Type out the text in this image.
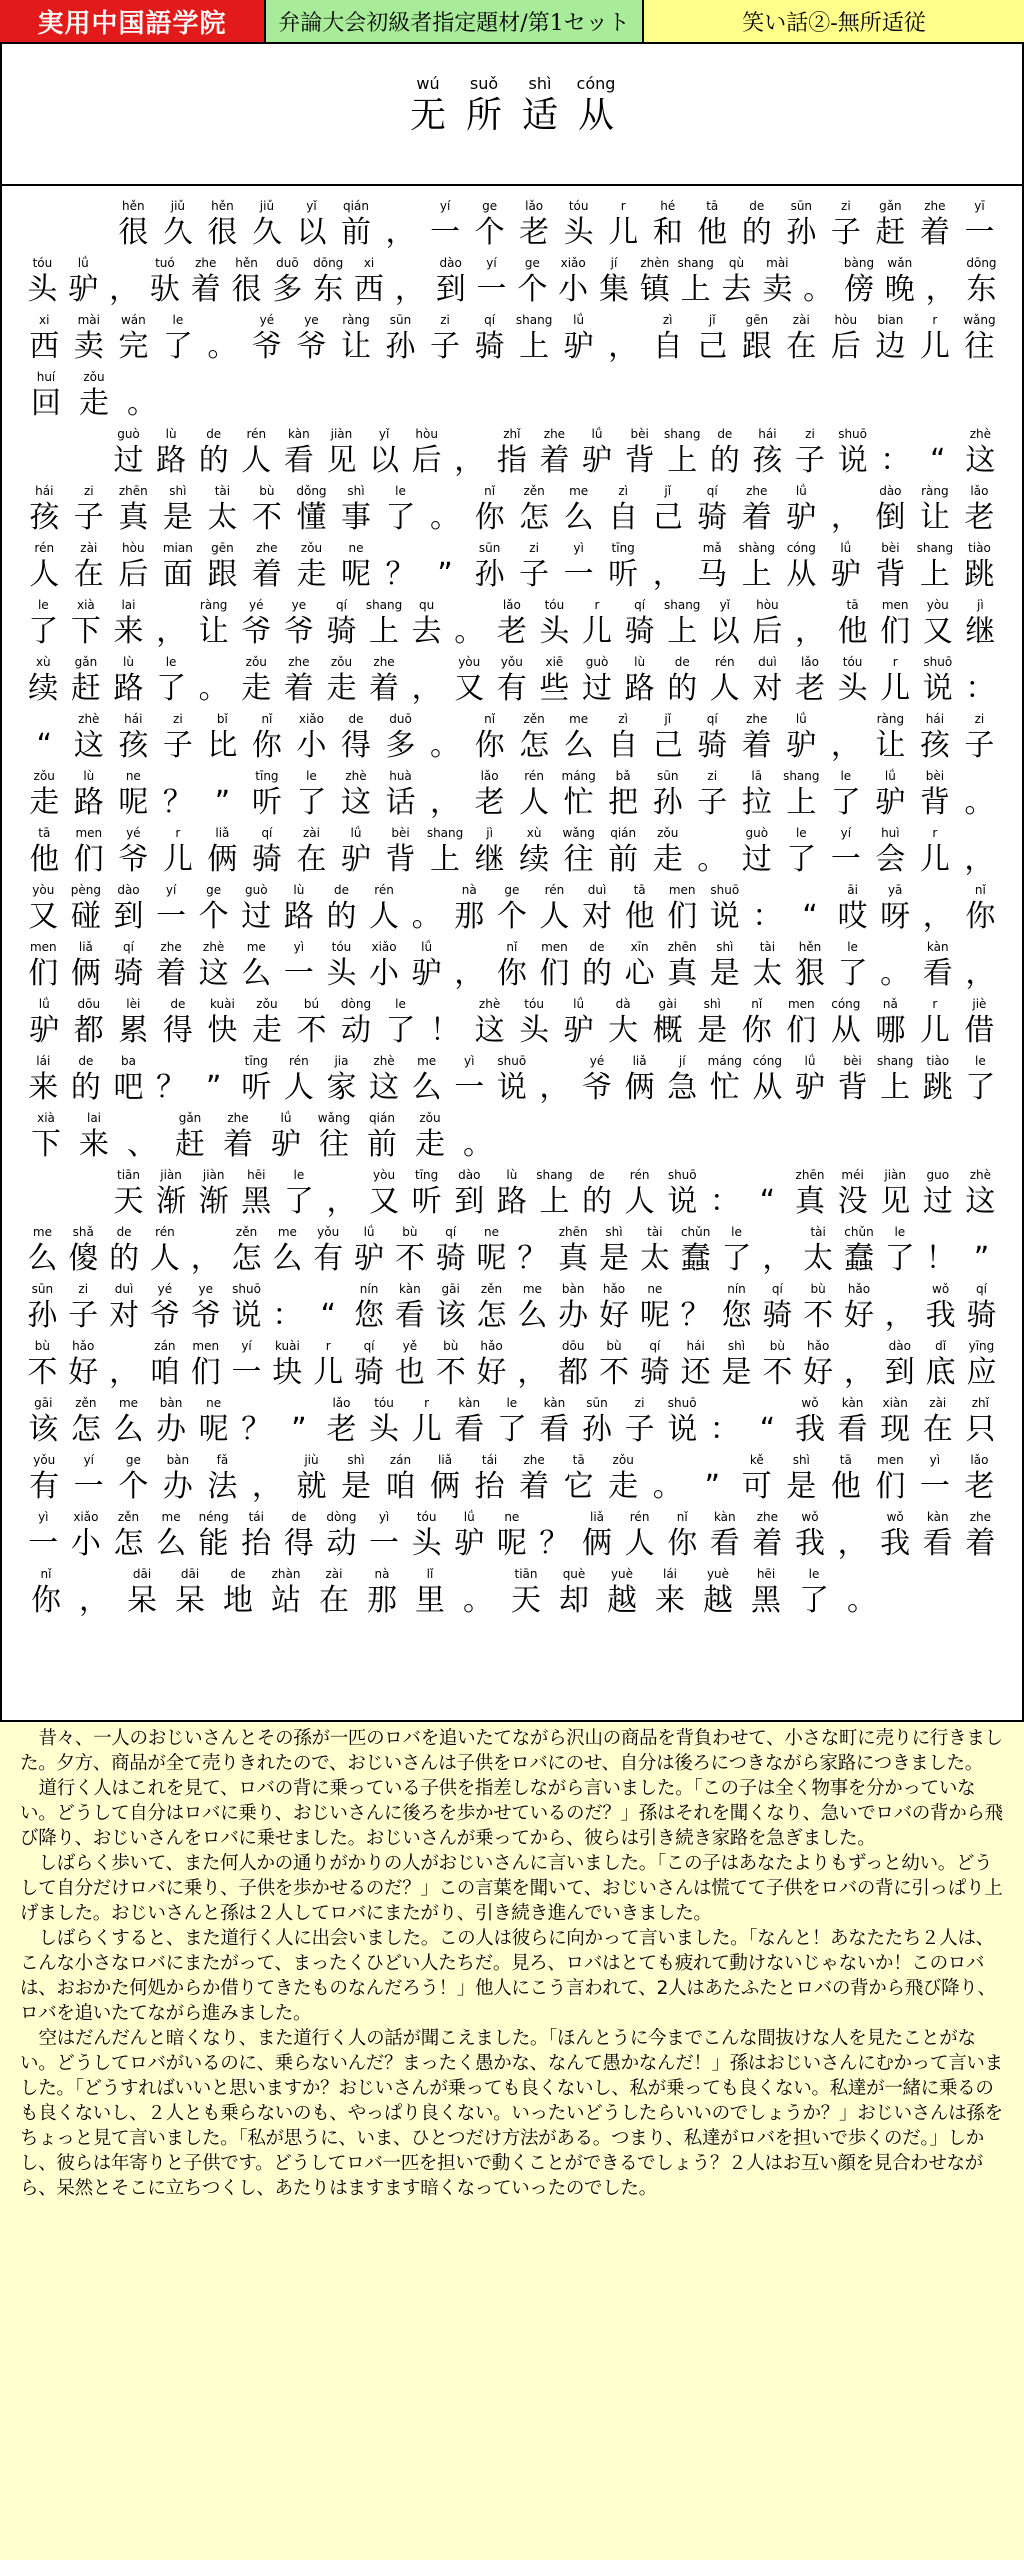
実用中国語学院	弁論大会初級者指定題材/第1セット	笑い話②-無所适従
wú
无
suǒ
所
shì
适
cóng
从
hěn
很
jiǔ
久
hěn
很
jiǔ
久
yǐ
以
qián
前 ，
yí
一
ge
个
lǎo
老
tóu
头
r
儿
hé
和
tā
他
de
的
sūn
孙
zi
子
gǎn
赶
zhe
着
yī
一
tóu
头
lǘ
驴 ，
tuó
驮
zhe
着
hěn
很
duō
多
dōng
东
xi
西 ，
dào
到
yí
一
ge
个
xiǎo
小
jí
集
zhèn
镇
shang
上
qù
去
mài
卖 。
bàng
傍
wǎn
晚 ，
dōng
东
xi
西
mài
卖
wán
完
le
了 。
yé
爷
ye
爷
ràng
让
sūn
孙
zi
子
qí
骑
shang
上
lǘ
驴 ，
zì
自
jǐ
己
gēn
跟
zài
在
hòu
后
bian
边
r
儿
wǎng
往
huí
回
zǒu
走 。
guò
过
lù
路
de
的
rén
人
kàn
看
jiàn
见
yǐ
以
hòu
后 ，
zhǐ
指
zhe
着
lǘ
驴
bèi
背
shang
上
de
的
hái
孩
zi
子
shuō
说 ： “
zhè
这
hái
孩
zi
子
zhēn
真
shì
是
tài
太
bù
不
dǒng
懂
shì
事
le
了 。
nǐ
你
zěn
怎
me
么
zì
自
jǐ
己
qí
骑
zhe
着
lǘ
驴 ，
dào
倒
ràng
让
lǎo
老
rén
人
zài
在
hòu
后
mian
面
gēn
跟
zhe
着
zǒu
走
ne
呢 ？ ”
sūn
孙
zi
子
yì
一
tīng
听 ，
mǎ
马
shàng
上
cóng
从
lǘ
驴
bèi
背
shang
上
tiào
跳
le
了
xià
下
lai
来 ，
ràng
让
yé
爷
ye
爷
qí
骑
shang
上
qu
去 。
lǎo
老
tóu
头
r
儿
qí
骑
shang
上
yǐ
以
hòu
后 ，
tā
他
men
们
yòu
又
jì
继
xù
续
gǎn
赶
lù
路
le
了 。
zǒu
走
zhe
着
zǒu
走
zhe
着 ，
yòu
又
yǒu
有
xiē
些
guò
过
lù
路
de
的
rén
人
duì
对
lǎo
老
tóu
头
r
儿
shuō
说 ：
“
zhè
这
hái
孩
zi
子
bǐ
比
nǐ
你
xiǎo
小
de
得
duō
多 。
nǐ
你
zěn
怎
me
么
zì
自
jǐ
己
qí
骑
zhe
着
lǘ
驴 ，
ràng
让
hái
孩
zi
子
zǒu
走
lù
路
ne
呢 ？ ”
tīng
听
le
了
zhè
这
huà
话 ，
lǎo
老
rén
人
máng
忙
bǎ
把
sūn
孙
zi
子
lā
拉
shang
上
le
了
lǘ
驴
bèi
背 。
tā
他
men
们
yé
爷
r
儿
liǎ
俩
qí
骑
zài
在
lǘ
驴
bèi
背
shang
上
jì
继
xù
续
wǎng
往
qián
前
zǒu
走 。
guò
过
le
了
yí
一
huì
会
r
儿 ，
yòu
又
pèng
碰
dào
到
yí
一
ge
个
guò
过
lù
路
de
的
rén
人 。
nà
那
ge
个
rén
人
duì
对
tā
他
men
们
shuō
说 ： “
āi
哎
yā
呀 ，
nǐ
你
men
们
liǎ
俩
qí
骑
zhe
着
zhè
这
me
么
yì
一
tóu
头
xiǎo
小
lǘ
驴 ，
nǐ
你
men
们
de
的
xīn
心
zhēn
真
shì
是
tài
太
hěn
狠
le
了 。
kàn
看 ，
lǘ
驴
dōu
都
lèi
累
de
得
kuài
快
zǒu
走
bú
不
dòng
动
le
了 ！
zhè
这
tóu
头
lǘ
驴
dà
大
gài
概
shì
是
nǐ
你
men
们
cóng
从
nǎ
哪
r
儿
jiè
借
lái
来
de
的
ba
吧 ？ ”
tīng
听
rén
人
jia
家
zhè
这
me
么
yì
一
shuō
说 ，
yé
爷
liǎ
俩
jí
急
máng
忙
cóng
从
lǘ
驴
bèi
背
shang
上
tiào
跳
le
了
xià
下
lai
来 、
gǎn
赶
zhe
着
lǘ
驴
wǎng
往
qián
前
zǒu
走 。
tiān
天
jiàn
渐
jiàn
渐
hēi
黑
le
了 ，
yòu
又
tīng
听
dào
到
lù
路
shang
上
de
的
rén
人
shuō
说 ： “
zhēn
真
méi
没
jiàn
见
guo
过
zhè
这
me
么
shǎ
傻
de
的
rén
人 ，
zěn
怎
me
么
yǒu
有
lǘ
驴
bù
不
qí
骑
ne
呢 ？
zhēn
真
shì
是
tài
太
chǔn
蠢
le
了 ，
tài
太
chǔn
蠢
le
了 ！ ”
sūn
孙
zi
子
duì
对
yé
爷
ye
爷
shuō
说 ： “
nín
您
kàn
看
gāi
该
zěn
怎
me
么
bàn
办
hǎo
好
ne
呢 ？
nín
您
qí
骑
bù
不
hǎo
好 ，
wǒ
我
qí
骑
bù
不
hǎo
好 ，
zán
咱
men
们
yí
一
kuài
块
r
儿
qí
骑
yě
也
bù
不
hǎo
好 ，
dōu
都
bù
不
qí
骑
hái
还
shì
是
bù
不
hǎo
好 ，
dào
到
dǐ
底
yīng
应
gāi
该
zěn
怎
me
么
bàn
办
ne
呢 ？ ”
lǎo
老
tóu
头
r
儿
kàn
看
le
了
kàn
看
sūn
孙
zi
子
shuō
说 ： “
wǒ
我
kàn
看
xiàn
现
zài
在
zhǐ
只
yǒu
有
yí
一
ge
个
bàn
办
fǎ
法 ，
jiù
就
shì
是
zán
咱
liǎ
俩
tái
抬
zhe
着
tā
它
zǒu
走 。 ”
kě
可
shì
是
tā
他
men
们
yì
一
lǎo
老
yì
一
xiǎo
小
zěn
怎
me
么
néng
能
tái
抬
de
得
dòng
动
yì
一
tóu
头
lǘ
驴
ne
呢 ？
liǎ
俩
rén
人
nǐ
你
kàn
看
zhe
着
wǒ
我 ，
wǒ
我
kàn
看
zhe
着
nǐ
你 ，
dāi
呆
dāi
呆
de
地
zhàn
站
zài
在
nà
那
lǐ
里 。
tiān
天
què
却
yuè
越
lái
来
yuè
越
hēi
黑
le
了 。

昔々、一人のおじいさんとその孫が一匹のロバを追いたてながら沢山の商品を背負わせて、小さな町に売りに行きました。夕方、商品が全て売りきれたので、おじいさんは子供をロバにのせ、自分は後ろにつきながら家路につきました。

道行く人はこれを見て、ロバの背に乗っている子供を指差しながら言いました。「この子は全く物事を分かっていない。どうして自分はロバに乗り、おじいさんに後ろを歩かせているのだ？」孫はそれを聞くなり、急いでロバの背から飛び降り、おじいさんをロバに乗せました。おじいさんが乗ってから、彼らは引き続き家路を急ぎました。

しばらく歩いて、また何人かの通りがかりの人がおじいさんに言いました。「この子はあなたよりもずっと幼い。どうして自分だけロバに乗り、子供を歩かせるのだ？」この言葉を聞いて、おじいさんは慌てて子供をロバの背に引っぱり上げました。おじいさんと孫は２人してロバにまたがり、引き続き進んでいきました。

しばらくすると、また道行く人に出会いました。この人は彼らに向かって言いました。「なんと！あなたたち２人は、こんな小さなロバにまたがって、まったくひどい人たちだ。見ろ、ロバはとても疲れて動けないじゃないか！このロバは、おおかた何処からか借りてきたものなんだろう！」他人にこう言われて、2人はあたふたとロバの背から飛び降り、ロバを追いたてながら進みました。

空はだんだんと暗くなり、また道行く人の話が聞こえました。「ほんとうに今までこんな間抜けな人を見たことがない。どうしてロバがいるのに、乗らないんだ？まったく愚かな、なんて愚かなんだ！」孫はおじいさんにむかって言いました。「どうすればいいと思いますか？おじいさんが乗っても良くないし、私が乗っても良くない。私達が一緒に乗るのも良くないし、２人とも乗らないのも、やっぱり良くない。いったいどうしたらいいのでしょうか？」おじいさんは孫をちょっと見て言いました。「私が思うに、いま、ひとつだけ方法がある。つまり、私達がロバを担いで歩くのだ。」しかし、彼らは年寄りと子供です。どうしてロバ一匹を担いで動くことができるでしょう？２人はお互い顔を見合わせながら、呆然とそこに立ちつくし、あたりはますます暗くなっていったのでした。
